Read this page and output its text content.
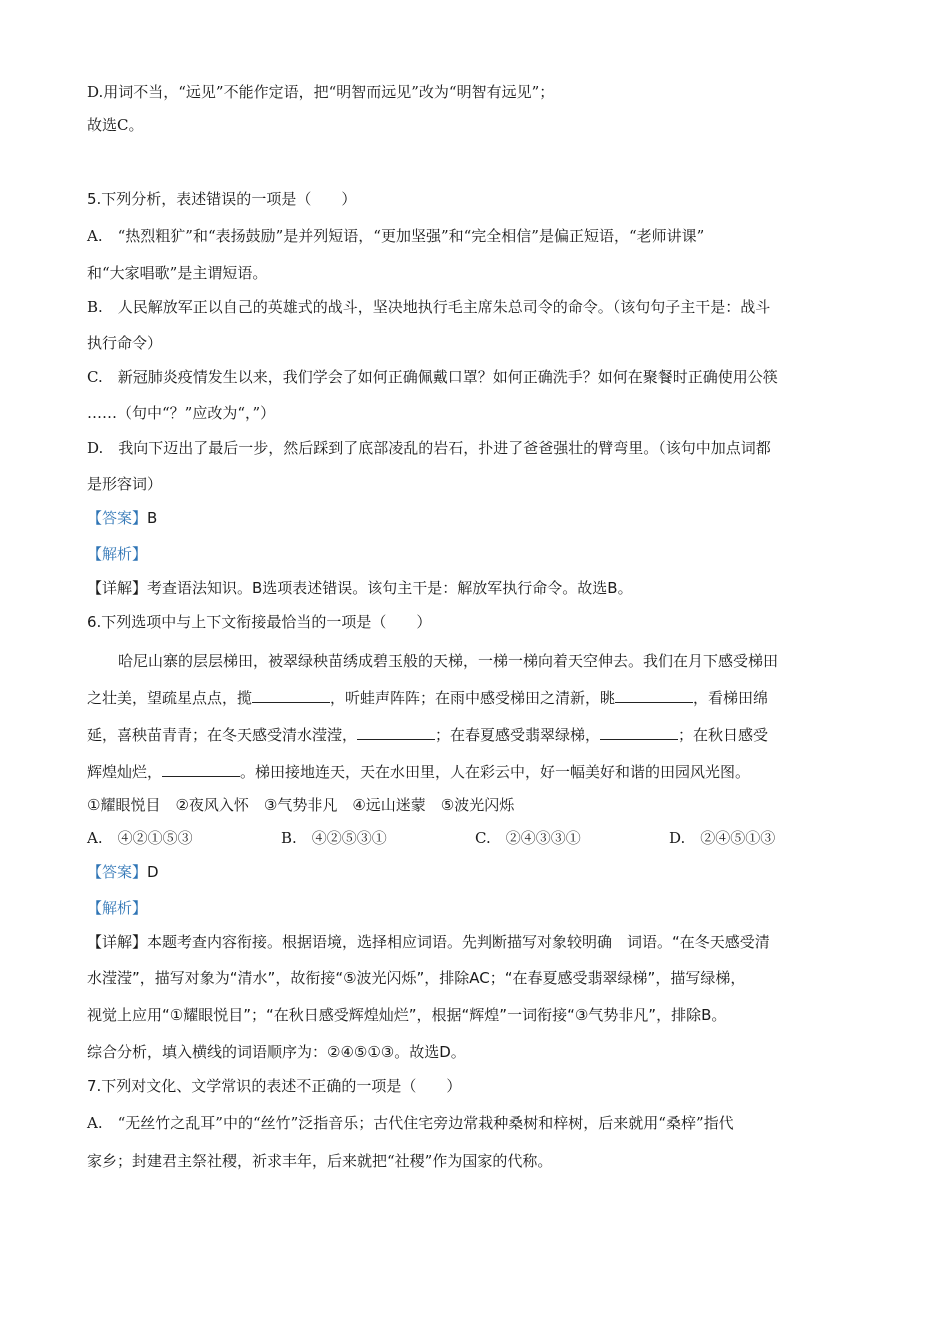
D.用词不当，“远见”不能作定语，把“明智而远见”改为“明智有远见”；
故选C。
5.下列分析，表述错误的一项是（　　）
A.　“热烈粗犷”和“表扬鼓励”是并列短语，“更加坚强”和“完全相信”是偏正短语，“老师讲课”
和“大家唱歌”是主谓短语。
B.　人民解放军正以自己的英雄式的战斗，坚决地执行毛主席朱总司令的命令。（该句句子主干是：战斗
执行命令）
C.　新冠肺炎疫情发生以来，我们学会了如何正确佩戴口罩？如何正确洗手？如何在聚餐时正确使用公筷
……（句中“？”应改为“，”）
D.　我向下迈出了最后一步，然后踩到了底部凌乱的岩石，扑进了爸爸强壮的臂弯里。（该句中加点词都
是形容词）
【答案】B
【解析】
【详解】考查语法知识。B选项表述错误。该句主干是：解放军执行命令。故选B。
6.下列选项中与上下文衔接最恰当的一项是（　　）
哈尼山寨的层层梯田，被翠绿秧苗绣成碧玉般的天梯，一梯一梯向着天空伸去。我们在月下感受梯田
之壮美，望疏星点点，揽	，听蛙声阵阵；在雨中感受梯田之清新，眺	，看梯田绵
延，喜秧苗青青；在冬天感受清水滢滢，	；在春夏感受翡翠绿梯，	；在秋日感受
辉煌灿烂，	。梯田接地连天，天在水田里，人在彩云中，好一幅美好和谐的田园风光图。
①耀眼悦目　②夜风入怀　③气势非凡　④远山迷蒙　⑤波光闪烁
A.　④②①⑤③	B.　④②⑤③①	C.　②④③③①	D.　②④⑤①③
【答案】D
【解析】
【详解】本题考查内容衔接。根据语境，选择相应词语。先判断描写对象较明确　词语。“在冬天感受清
水滢滢”，描写对象为“清水”，故衔接“⑤波光闪烁”，排除AC；“在春夏感受翡翠绿梯”，描写绿梯，
视觉上应用“①耀眼悦目”；“在秋日感受辉煌灿烂”，根据“辉煌”一词衔接“③气势非凡”，排除B。
综合分析，填入横线的词语顺序为：②④⑤①③。故选D。
7.下列对文化、文学常识的表述不正确的一项是（　　）
A.　“无丝竹之乱耳”中的“丝竹”泛指音乐；古代住宅旁边常栽种桑树和梓树，后来就用“桑梓”指代
家乡；封建君主祭社稷，祈求丰年，后来就把“社稷”作为国家的代称。
